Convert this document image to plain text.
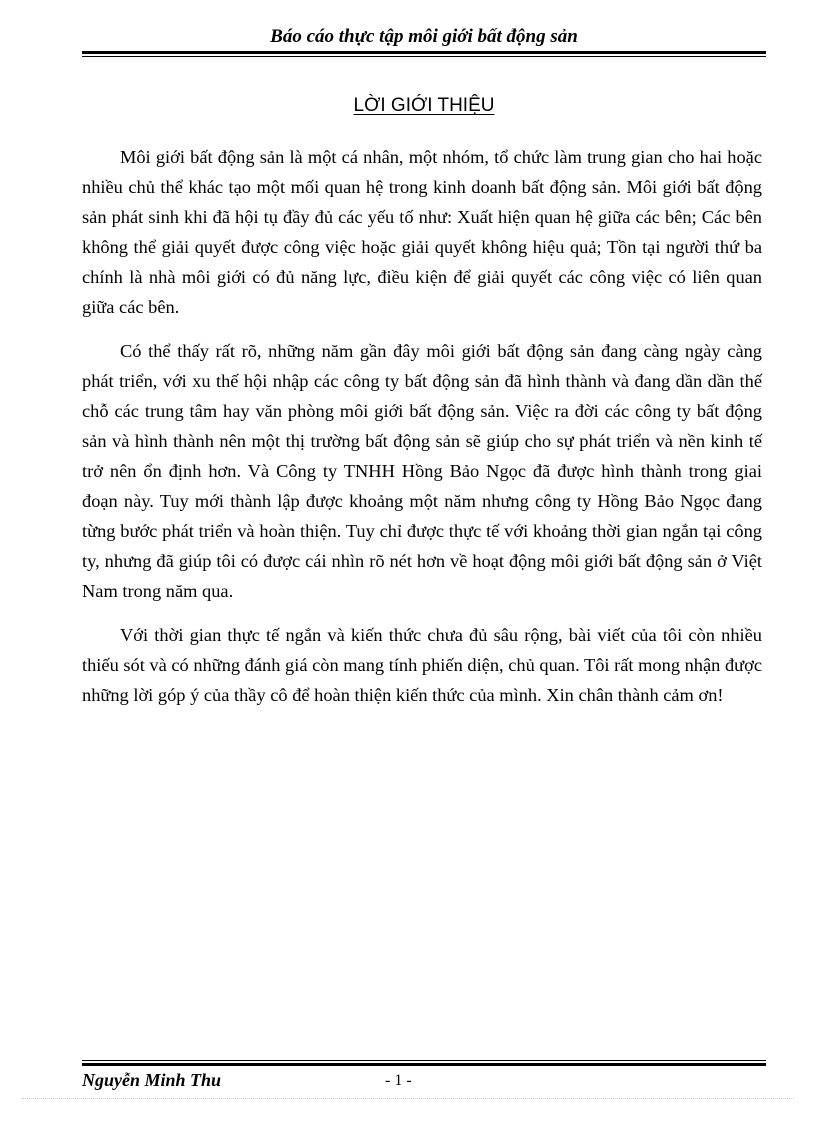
Báo cáo thực tập môi giới bất động sản
LỜI GIỚI THIỆU

Môi giới bất động sản là một cá nhân, một nhóm, tổ chức làm trung gian cho hai hoặc nhiều chủ thể khác tạo một mối quan hệ trong kinh doanh bất động sản. Môi giới bất động sản phát sinh khi đã hội tụ đầy đủ các yếu tố như: Xuất hiện quan hệ giữa các bên; Các bên không thể giải quyết được công việc hoặc giải quyết không hiệu quả; Tồn tại người thứ ba chính là nhà môi giới có đủ năng lực, điều kiện để giải quyết các công việc có liên quan giữa các bên.

Có thể thấy rất rõ, những năm gần đây môi giới bất động sản đang càng ngày càng phát triển, với xu thế hội nhập các công ty bất động sản đã hình thành và đang dần dần thế chỗ các trung tâm hay văn phòng môi giới bất động sản. Việc ra đời các công ty bất động sản và hình thành nên một thị trường bất động sản sẽ giúp cho sự phát triển và nền kinh tế trở nên ổn định hơn. Và Công ty TNHH Hồng Bảo Ngọc đã được hình thành trong giai đoạn này. Tuy mới thành lập được khoảng một năm nhưng công ty Hồng Bảo Ngọc đang từng bước phát triển và hoàn thiện. Tuy chỉ được thực tế với khoảng thời gian ngắn tại công ty, nhưng đã giúp tôi có được cái nhìn rõ nét hơn về hoạt động môi giới bất động sản ở Việt Nam trong năm qua.

Với thời gian thực tế ngắn và kiến thức chưa đủ sâu rộng, bài viết của tôi còn nhiều thiếu sót và có những đánh giá còn mang tính phiến diện, chủ quan. Tôi rất mong nhận được những lời góp ý của thầy cô để hoàn thiện kiến thức của mình. Xin chân thành cảm ơn!

Nguyễn Minh Thu	- 1 -
